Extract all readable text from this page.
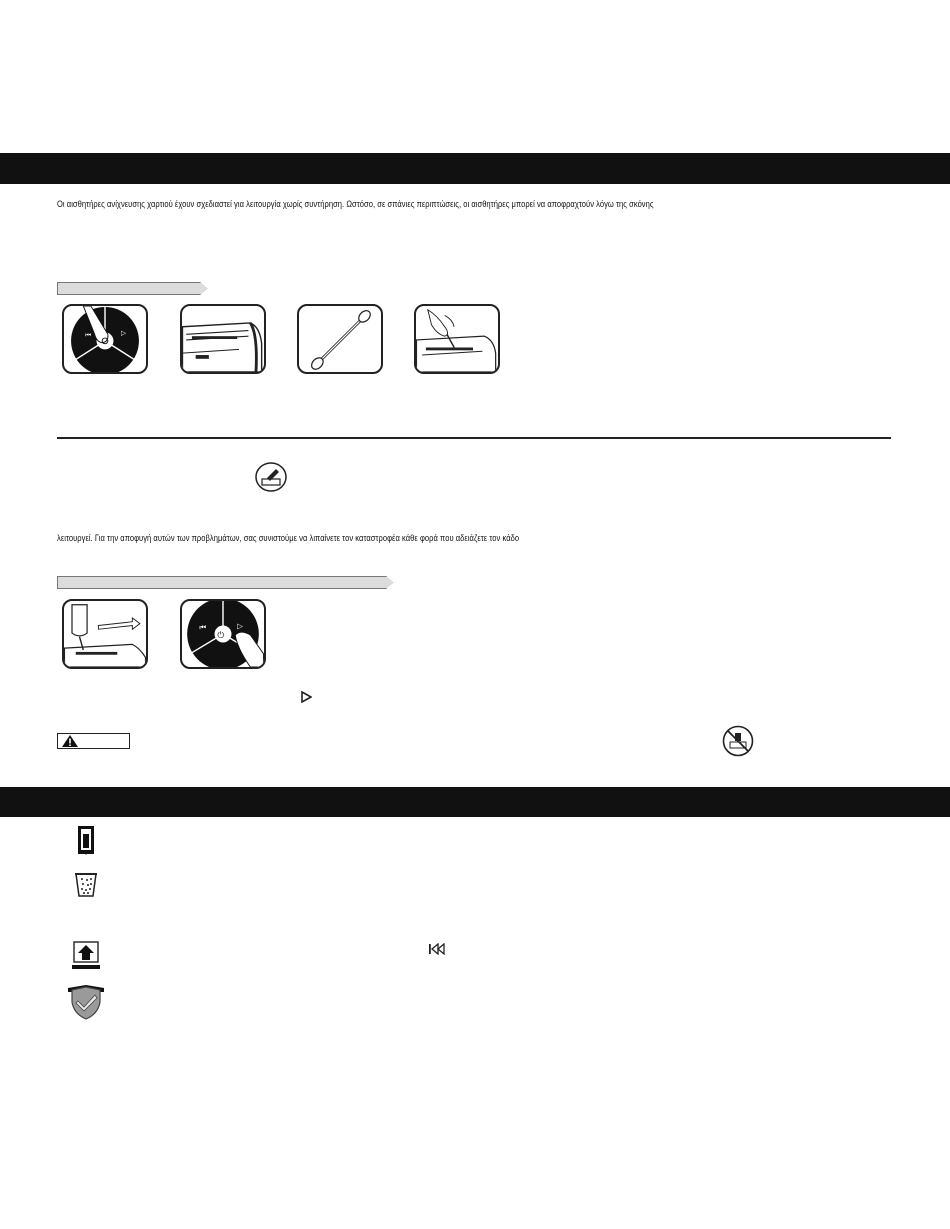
Οι αισθητήρες ανίχνευσης χαρτιού έχουν σχεδιαστεί για λειτουργία χωρίς συντήρηση. Ωστόσο, σε σπάνιες περιπτώσεις, οι αισθητήρες μπορεί να αποφραχτούν λόγω της σκόνης
⏮	▷
λειτουργεί. Για την αποφυγή αυτών των προβλημάτων, σας συνιστούμε να λιπαίνετε τον καταστροφέα κάθε φορά που αδειάζετε τον κάδο
⏻
⏮	▷
